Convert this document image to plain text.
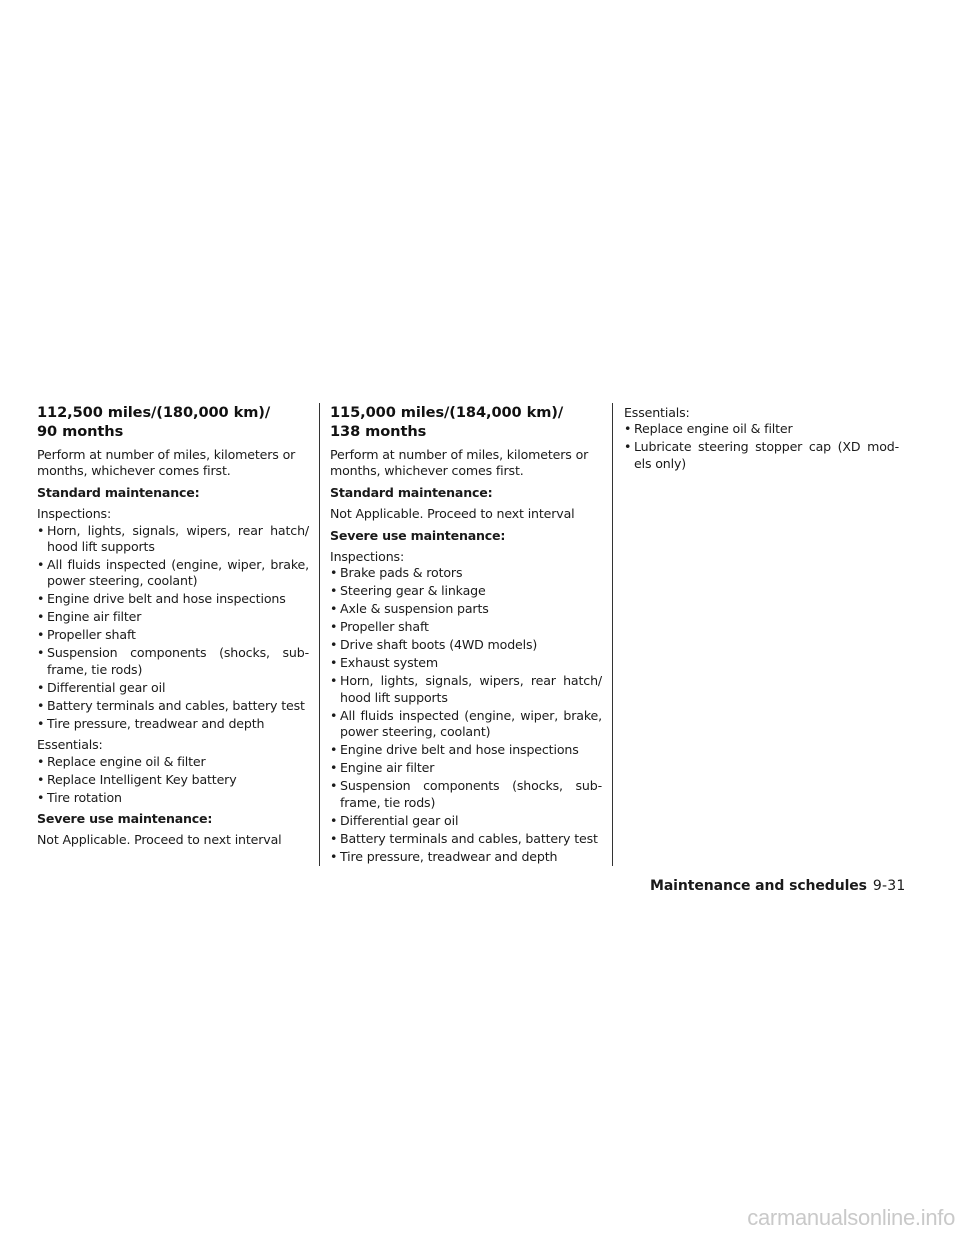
112,500 miles/(180,000 km)/
90 months

Perform at number of miles, kilometers or months, whichever comes first.

Standard maintenance:

Inspections:

• Horn, lights, signals, wipers, rear hatch/ hood lift supports
• All fluids inspected (engine, wiper, brake, power steering, coolant)
• Engine drive belt and hose inspections
• Engine air filter
• Propeller shaft
• Suspension components (shocks, sub-frame, tie rods)
• Differential gear oil
• Battery terminals and cables, battery test
• Tire pressure, treadwear and depth

Essentials:

• Replace engine oil & filter
• Replace Intelligent Key battery
• Tire rotation

Severe use maintenance:

Not Applicable. Proceed to next interval

115,000 miles/(184,000 km)/
138 months

Perform at number of miles, kilometers or months, whichever comes first.

Standard maintenance:

Not Applicable. Proceed to next interval

Severe use maintenance:

Inspections:

• Brake pads & rotors
• Steering gear & linkage
• Axle & suspension parts
• Propeller shaft
• Drive shaft boots (4WD models)
• Exhaust system
• Horn, lights, signals, wipers, rear hatch/ hood lift supports
• All fluids inspected (engine, wiper, brake, power steering, coolant)
• Engine drive belt and hose inspections
• Engine air filter
• Suspension components (shocks, sub-frame, tie rods)
• Differential gear oil
• Battery terminals and cables, battery test
• Tire pressure, treadwear and depth

Essentials:

• Replace engine oil & filter
• Lubricate steering stopper cap (XD mod-els only)
Maintenance and schedules 9-31
carmanualsonline.info
